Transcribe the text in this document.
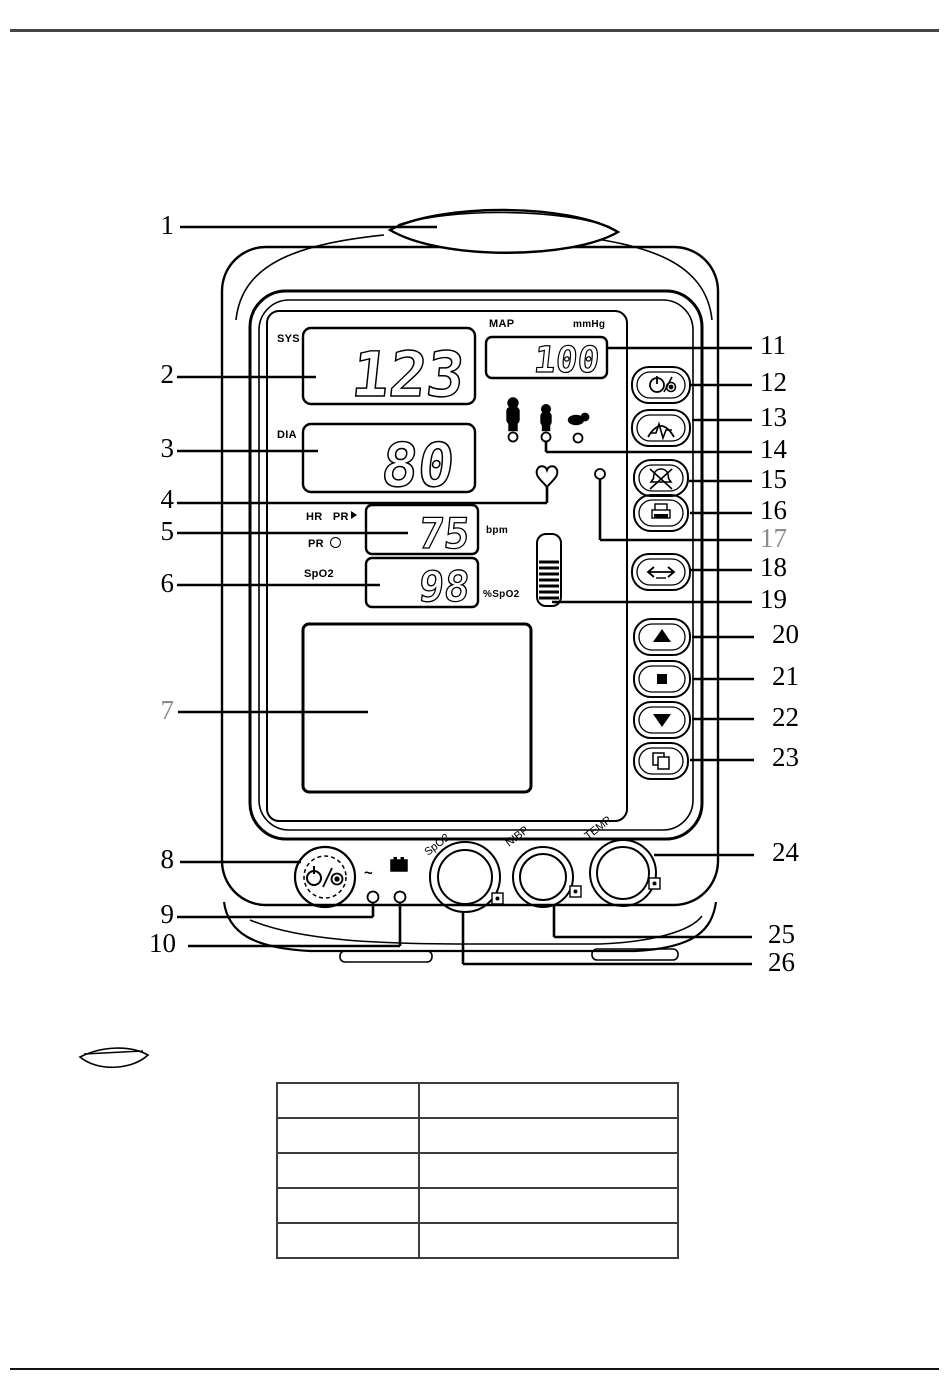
123 100
80
75
98
SpO2	NIBP	TEMP
SYS
MAP	mmHg
DIA
HR PR
PR
bpm
SpO2
%SpO2
~
1
2
3
4
5
6
7
8
9
10
11
12
13
14
15
16
17
18
19
20
21
22
23
24
25
26
